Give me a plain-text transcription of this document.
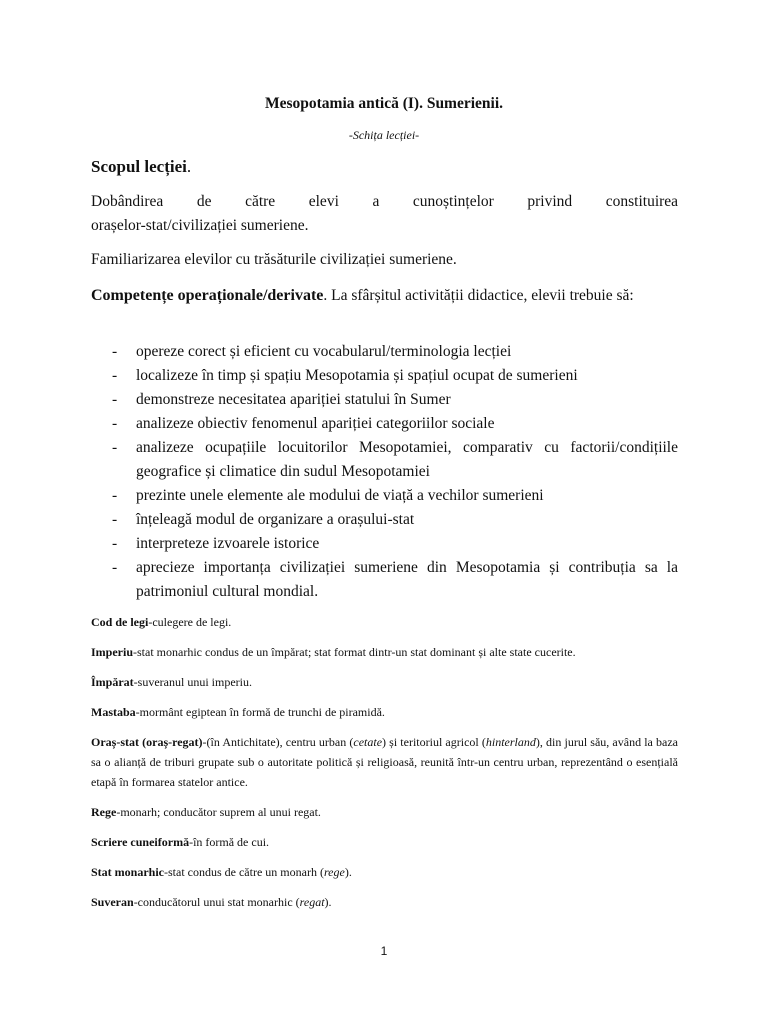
Mesopotamia antică (I). Sumerienii.
-Schița lecției-
Scopul lecției.
Dobândirea de către elevi a cunoștințelor privind constituirea
orașelor-stat/civilizației sumeriene.
Familiarizarea elevilor cu trăsăturile civilizației sumeriene.
Competențe operaționale/derivate. La sfârșitul activității didactice, elevii trebuie să:
- opereze corect și eficient cu vocabularul/terminologia lecției
- localizeze în timp și spațiu Mesopotamia și spațiul ocupat de sumerieni
- demonstreze necesitatea apariției statului în Sumer
- analizeze obiectiv fenomenul apariției categoriilor sociale
- analizeze ocupațiile locuitorilor Mesopotamiei, comparativ cu factorii/condițiile geografice și climatice din sudul Mesopotamiei
- prezinte unele elemente ale modului de viață a vechilor sumerieni
- înțeleagă modul de organizare a orașului-stat
- interpreteze izvoarele istorice
- aprecieze importanța civilizației sumeriene din Mesopotamia și contribuția sa la patrimoniul cultural mondial.

Cod de legi-culegere de legi.

Imperiu-stat monarhic condus de un împărat; stat format dintr-un stat dominant și alte state cucerite.

Împărat-suveranul unui imperiu.

Mastaba-mormânt egiptean în formă de trunchi de piramidă.

Oraș-stat (oraș-regat)-(în Antichitate), centru urban (cetate) și teritoriul agricol (hinterland), din jurul său, având la baza sa o alianță de triburi grupate sub o autoritate politică și religioasă, reunită într-un centru urban, reprezentând o esențială etapă în formarea statelor antice.

Rege-monarh; conducător suprem al unui regat.

Scriere cuneiformă-în formă de cui.

Stat monarhic-stat condus de către un monarh (rege).

Suveran-conducătorul unui stat monarhic (regat).

1
